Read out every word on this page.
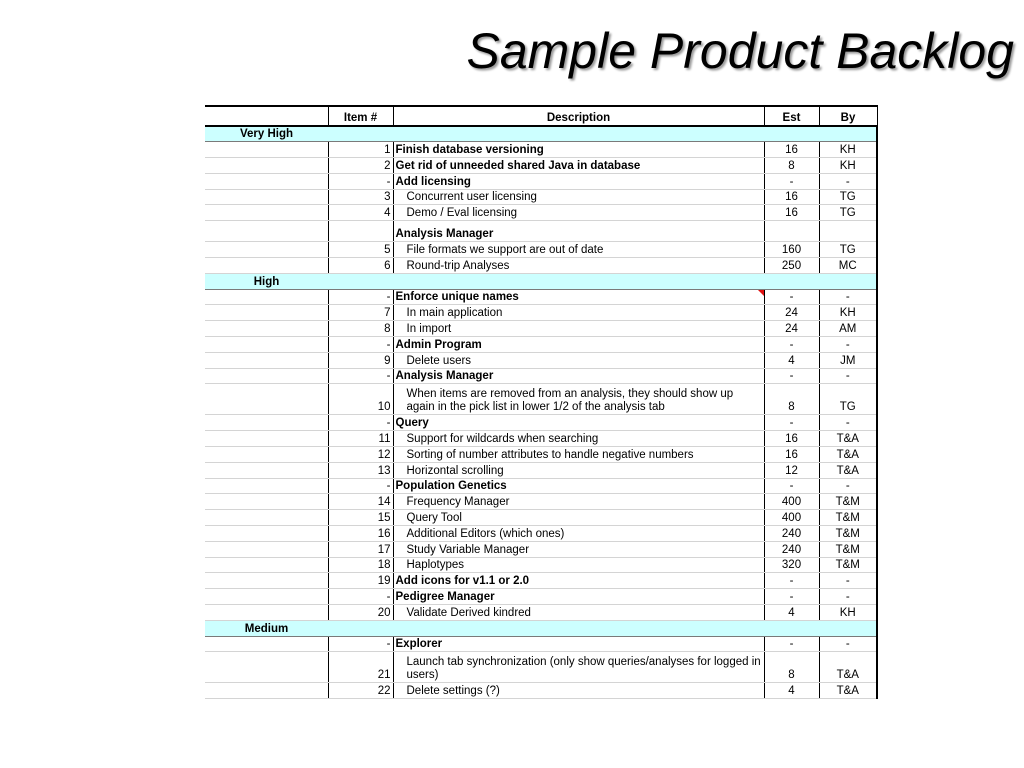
Sample Product Backlog
	Item #	Description	Est	By
Very High				
	1	Finish database versioning	16	KH
	2	Get rid of unneeded shared Java in database	8	KH
	-	Add licensing	-	-
	3	Concurrent user licensing	16	TG
	4	Demo / Eval licensing	16	TG
		Analysis Manager		
	5	File formats we support are out of date	160	TG
	6	Round-trip Analyses	250	MC
High				
	-	Enforce unique names	-	-
	7	In main application	24	KH
	8	In import	24	AM
	-	Admin Program	-	-
	9	Delete users	4	JM
	-	Analysis Manager	-	-
	10	When items are removed from an analysis, they should show up again in the pick list in lower 1/2 of the analysis tab	8	TG
	-	Query	-	-
	11	Support for wildcards when searching	16	T&A
	12	Sorting of number attributes to handle negative numbers	16	T&A
	13	Horizontal scrolling	12	T&A
	-	Population Genetics	-	-
	14	Frequency Manager	400	T&M
	15	Query Tool	400	T&M
	16	Additional Editors (which ones)	240	T&M
	17	Study Variable Manager	240	T&M
	18	Haplotypes	320	T&M
	19	Add icons for v1.1 or 2.0	-	-
	-	Pedigree Manager	-	-
	20	Validate Derived kindred	4	KH
Medium				
	-	Explorer	-	-
	21	Launch tab synchronization (only show queries/analyses for logged in users)	8	T&A
	22	Delete settings (?)	4	T&A
